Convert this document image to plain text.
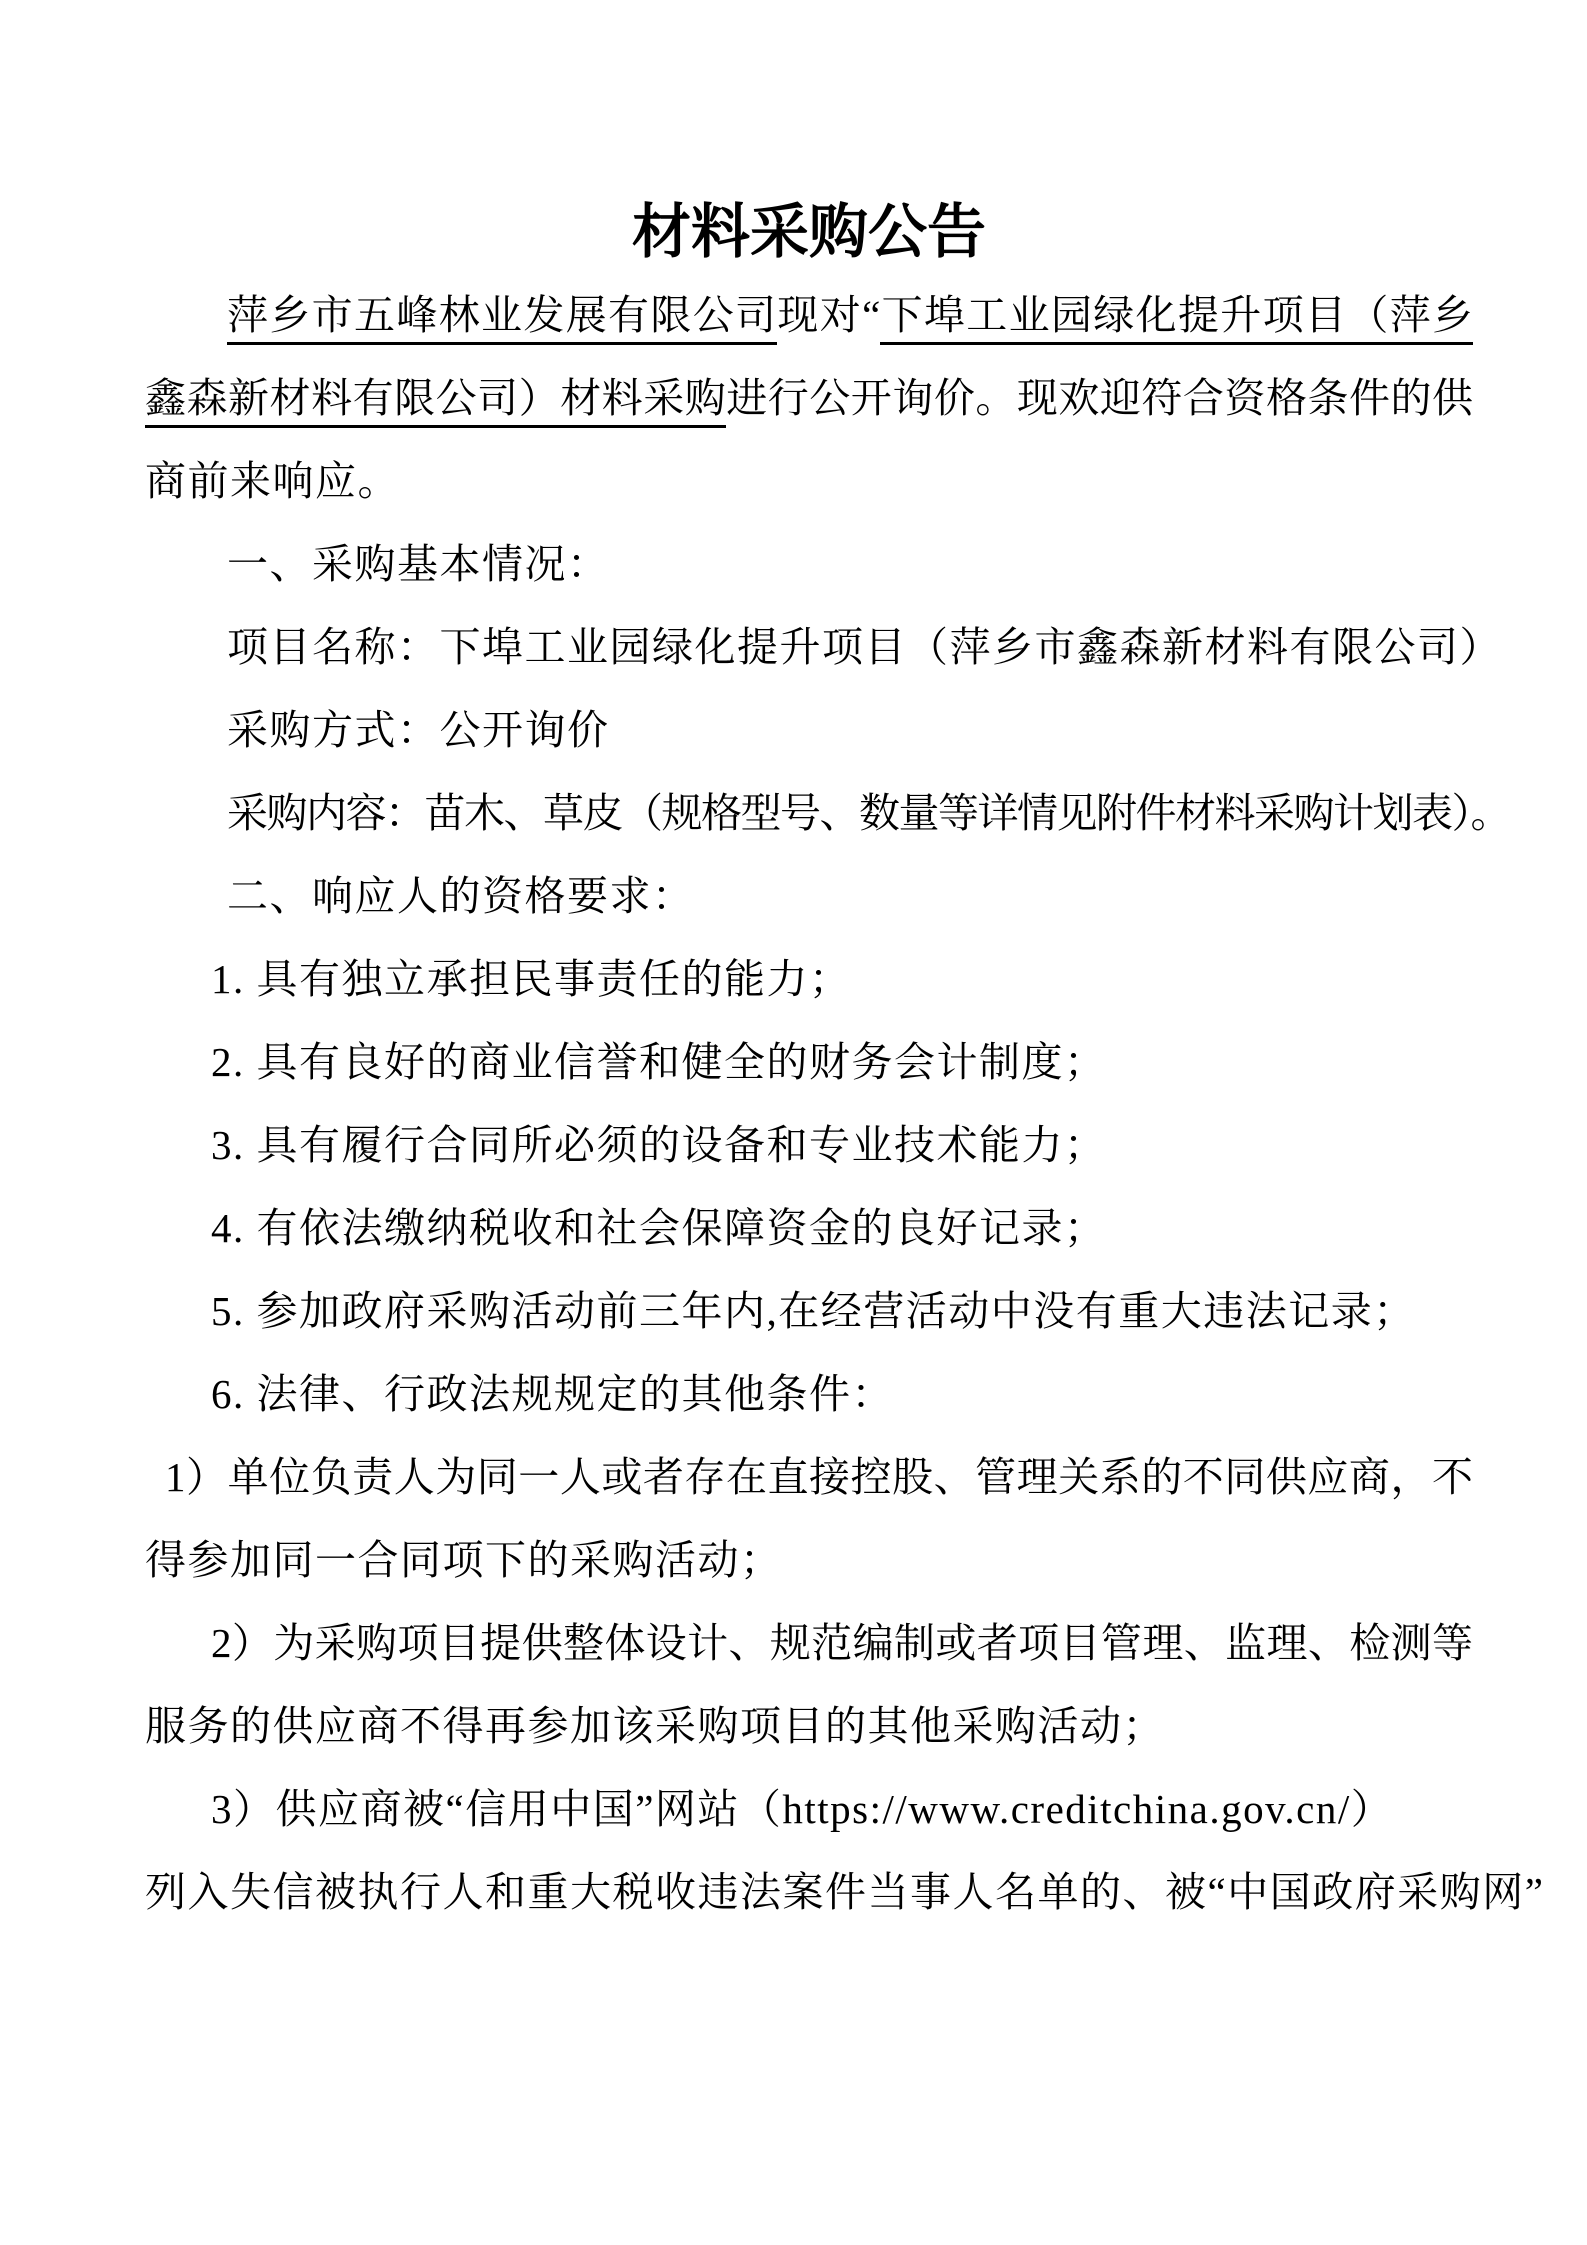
材料采购公告

萍乡市五峰林业发展有限公司现对“下埠工业园绿化提升项目（萍乡

鑫森新材料有限公司）材料采购进行公开询价。现欢迎符合资格条件的供

商前来响应。

一、采购基本情况：

项目名称：下埠工业园绿化提升项目（萍乡市鑫森新材料有限公司）

采购方式：公开询价

采购内容：苗木、草皮（规格型号、数量等详情见附件材料采购计划表）。

二、响应人的资格要求：

1. 具有独立承担民事责任的能力；

2. 具有良好的商业信誉和健全的财务会计制度；

3. 具有履行合同所必须的设备和专业技术能力；

4. 有依法缴纳税收和社会保障资金的良好记录；

5. 参加政府采购活动前三年内,在经营活动中没有重大违法记录；

6. 法律、行政法规规定的其他条件：

1）单位负责人为同一人或者存在直接控股、管理关系的不同供应商，不

得参加同一合同项下的采购活动；

2）为采购项目提供整体设计、规范编制或者项目管理、监理、检测等

服务的供应商不得再参加该采购项目的其他采购活动；

3）供应商被“信用中国”网站（https://www.creditchina.gov.cn/）

列入失信被执行人和重大税收违法案件当事人名单的、被“中国政府采购网”
